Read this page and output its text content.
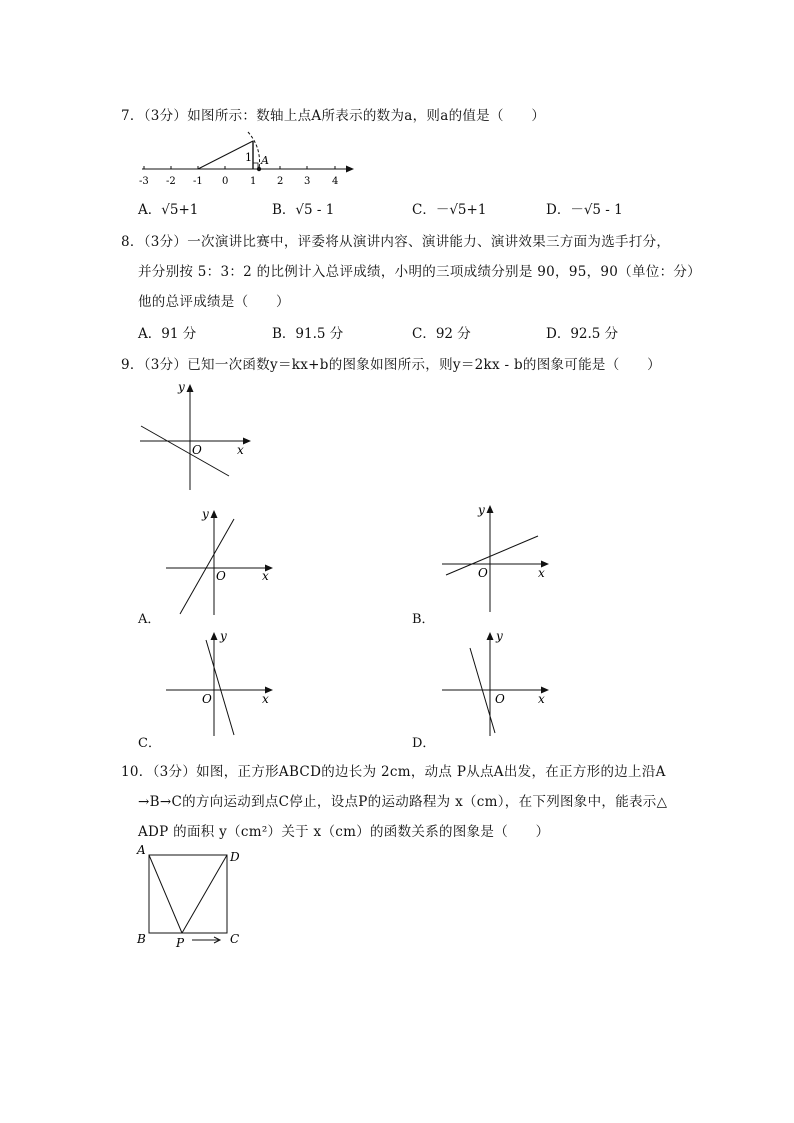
7．（3分）如图所示：数轴上点A所表示的数为a，则a的值是（　　）
-3 -2 -1 0 1 2 3 4
1 A
A．√5+1	B．√5 - 1	C．－√5+1	D．－√5 - 1
8．（3分）一次演讲比赛中，评委将从演讲内容、演讲能力、演讲效果三方面为选手打分，
并分别按 5：3：2 的比例计入总评成绩，小明的三项成绩分别是 90，95，90（单位：分）
他的总评成绩是（　　）
A．91 分	B．91.5 分	C．92 分	D．92.5 分
9．（3分）已知一次函数y＝kx+b的图象如图所示，则y＝2kx - b的图象可能是（　　）
y
x
O
y
x
O
A．
y
x
O
B．
y
x
O
C．
y
x
O
D．
10．（3分）如图，正方形ABCD的边长为 2cm，动点 P从点A出发，在正方形的边上沿A
→B→C的方向运动到点C停止，设点P的运动路程为 x（cm），在下列图象中，能表示△
ADP 的面积 y（cm²）关于 x（cm）的函数关系的图象是（　　）
A	D
B	C
P
